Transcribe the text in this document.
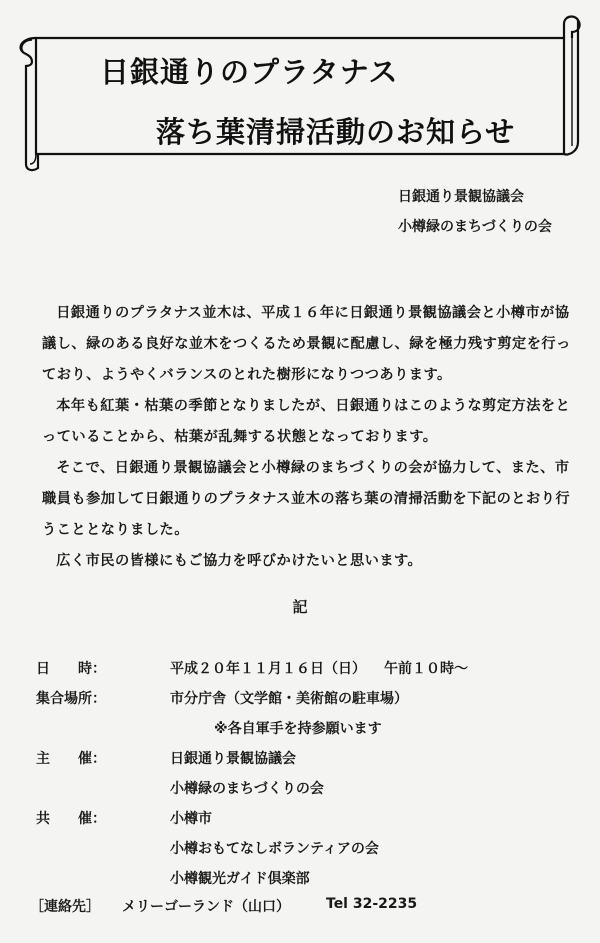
日銀通りのプラタナス
落ち葉清掃活動のお知らせ
日銀通り景観協議会
小樽緑のまちづくりの会

日銀通りのプラタナス並木は、平成１６年に日銀通り景観協議会と小樽市が協議し、緑のある良好な並木をつくるため景観に配慮し、緑を極力残す剪定を行っており、ようやくバランスのとれた樹形になりつつあります。

本年も紅葉・枯葉の季節となりましたが、日銀通りはこのような剪定方法をとっていることから、枯葉が乱舞する状態となっております。

そこで、日銀通り景観協議会と小樽緑のまちづくりの会が協力して、また、市職員も参加して日銀通りのプラタナス並木の落ち葉の清掃活動を下記のとおり行うこととなりました。

広く市民の皆様にもご協力を呼びかけたいと思います。

記
日　　時：	平成２０年１１月１６日（日） 午前１０時～
集合場所：	市分庁舎（文学館・美術館の駐車場）
※各自軍手を持参願います
主　　催：	日銀通り景観協議会
小樽緑のまちづくりの会
共　　催：	小樽市
小樽おもてなしボランティアの会
小樽観光ガイド倶楽部
［連絡先］ メリーゴーランド（山口）	Tel 32-2235
